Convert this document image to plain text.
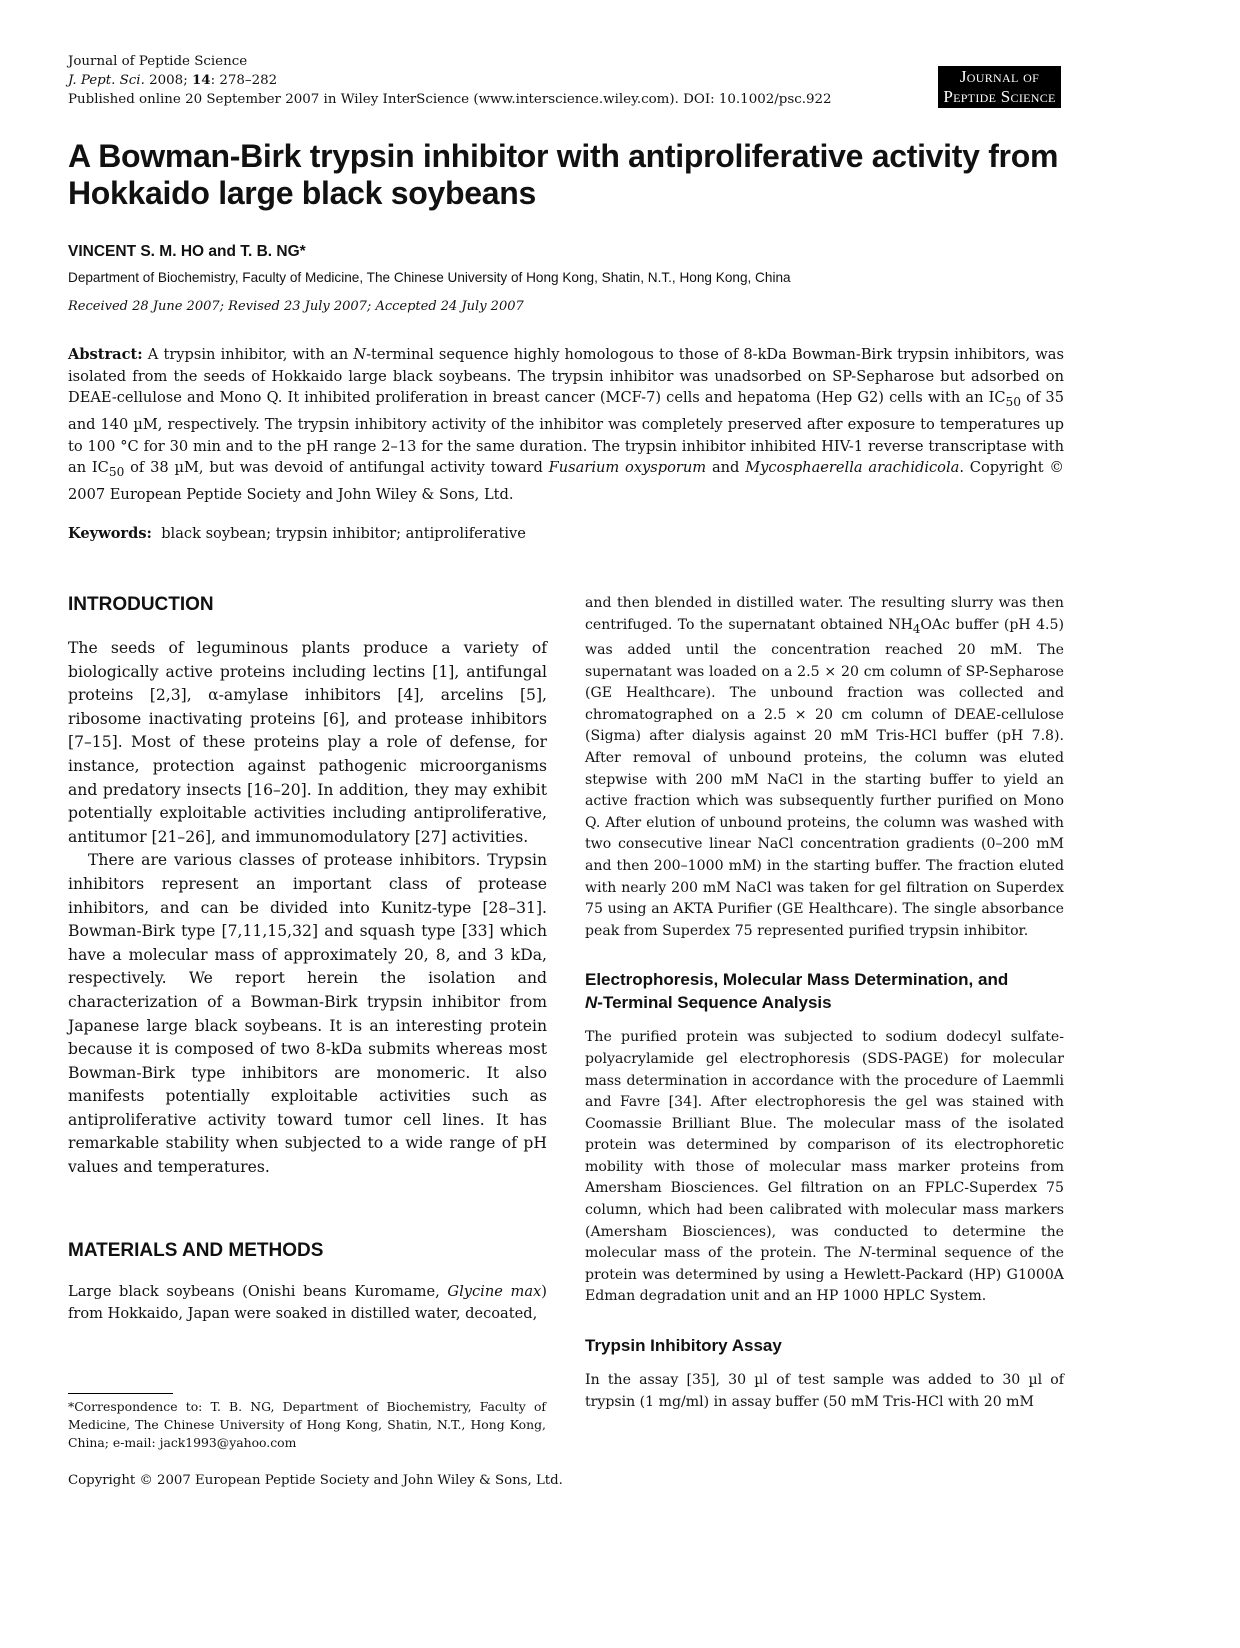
Journal of Peptide Science
J. Pept. Sci. 2008; 14: 278–282
Published online 20 September 2007 in Wiley InterScience (www.interscience.wiley.com). DOI: 10.1002/psc.922
Journal of
Peptide Science
A Bowman-Birk trypsin inhibitor with antiproliferative activity from Hokkaido large black soybeans
VINCENT S. M. HO and T. B. NG*
Department of Biochemistry, Faculty of Medicine, The Chinese University of Hong Kong, Shatin, N.T., Hong Kong, China
Received 28 June 2007; Revised 23 July 2007; Accepted 24 July 2007

Abstract: A trypsin inhibitor, with an N-terminal sequence highly homologous to those of 8-kDa Bowman-Birk trypsin inhibitors, was isolated from the seeds of Hokkaido large black soybeans. The trypsin inhibitor was unadsorbed on SP-Sepharose but adsorbed on DEAE-cellulose and Mono Q. It inhibited proliferation in breast cancer (MCF-7) cells and hepatoma (Hep G2) cells with an $IC_{50}$ of 35 and 140 µM, respectively. The trypsin inhibitory activity of the inhibitor was completely preserved after exposure to temperatures up to 100 °C for 30 min and to the pH range 2–13 for the same duration. The trypsin inhibitor inhibited HIV-1 reverse transcriptase with an $IC_{50}$ of 38 µM, but was devoid of antifungal activity toward Fusarium oxysporum and Mycosphaerella arachidicola. Copyright © 2007 European Peptide Society and John Wiley & Sons, Ltd.

Keywords:  black soybean; trypsin inhibitor; antiproliferative

INTRODUCTION

The seeds of leguminous plants produce a variety of biologically active proteins including lectins [1], antifungal proteins [2,3], α-amylase inhibitors [4], arcelins [5], ribosome inactivating proteins [6], and protease inhibitors [7–15]. Most of these proteins play a role of defense, for instance, protection against pathogenic microorganisms and predatory insects [16–20]. In addition, they may exhibit potentially exploitable activities including antiproliferative, antitumor [21–26], and immunomodulatory [27] activities.

There are various classes of protease inhibitors. Trypsin inhibitors represent an important class of protease inhibitors, and can be divided into Kunitz-type [28–31]. Bowman-Birk type [7,11,15,32] and squash type [33] which have a molecular mass of approximately 20, 8, and 3 kDa, respectively. We report herein the isolation and characterization of a Bowman-Birk trypsin inhibitor from Japanese large black soybeans. It is an interesting protein because it is composed of two 8-kDa submits whereas most Bowman-Birk type inhibitors are monomeric. It also manifests potentially exploitable activities such as antiproliferative activity toward tumor cell lines. It has remarkable stability when subjected to a wide range of pH values and temperatures.

MATERIALS AND METHODS

Large black soybeans (Onishi beans Kuromame, Glycine max) from Hokkaido, Japan were soaked in distilled water, decoated,

and then blended in distilled water. The resulting slurry was then centrifuged. To the supernatant obtained $NH_4OAc$ buffer (pH 4.5) was added until the concentration reached 20 mM. The supernatant was loaded on a 2.5 × 20 cm column of SP-Sepharose (GE Healthcare). The unbound fraction was collected and chromatographed on a 2.5 × 20 cm column of DEAE-cellulose (Sigma) after dialysis against 20 mM Tris-HCl buffer (pH 7.8). After removal of unbound proteins, the column was eluted stepwise with 200 mM NaCl in the starting buffer to yield an active fraction which was subsequently further purified on Mono Q. After elution of unbound proteins, the column was washed with two consecutive linear NaCl concentration gradients (0–200 mM and then 200–1000 mM) in the starting buffer. The fraction eluted with nearly 200 mM NaCl was taken for gel filtration on Superdex 75 using an AKTA Purifier (GE Healthcare). The single absorbance peak from Superdex 75 represented purified trypsin inhibitor.

Electrophoresis, Molecular Mass Determination, and
N-Terminal Sequence Analysis

The purified protein was subjected to sodium dodecyl sulfate-polyacrylamide gel electrophoresis (SDS-PAGE) for molecular mass determination in accordance with the procedure of Laemmli and Favre [34]. After electrophoresis the gel was stained with Coomassie Brilliant Blue. The molecular mass of the isolated protein was determined by comparison of its electrophoretic mobility with those of molecular mass marker proteins from Amersham Biosciences. Gel filtration on an FPLC-Superdex 75 column, which had been calibrated with molecular mass markers (Amersham Biosciences), was conducted to determine the molecular mass of the protein. The N-terminal sequence of the protein was determined by using a Hewlett-Packard (HP) G1000A Edman degradation unit and an HP 1000 HPLC System.

Trypsin Inhibitory Assay

In the assay [35], 30 µl of test sample was added to 30 µl of trypsin (1 mg/ml) in assay buffer (50 mM Tris-HCl with 20 mM

*Correspondence to: T. B. NG, Department of Biochemistry, Faculty of Medicine, The Chinese University of Hong Kong, Shatin, N.T., Hong Kong, China; e-mail: jack1993@yahoo.com

Copyright © 2007 European Peptide Society and John Wiley & Sons, Ltd.
